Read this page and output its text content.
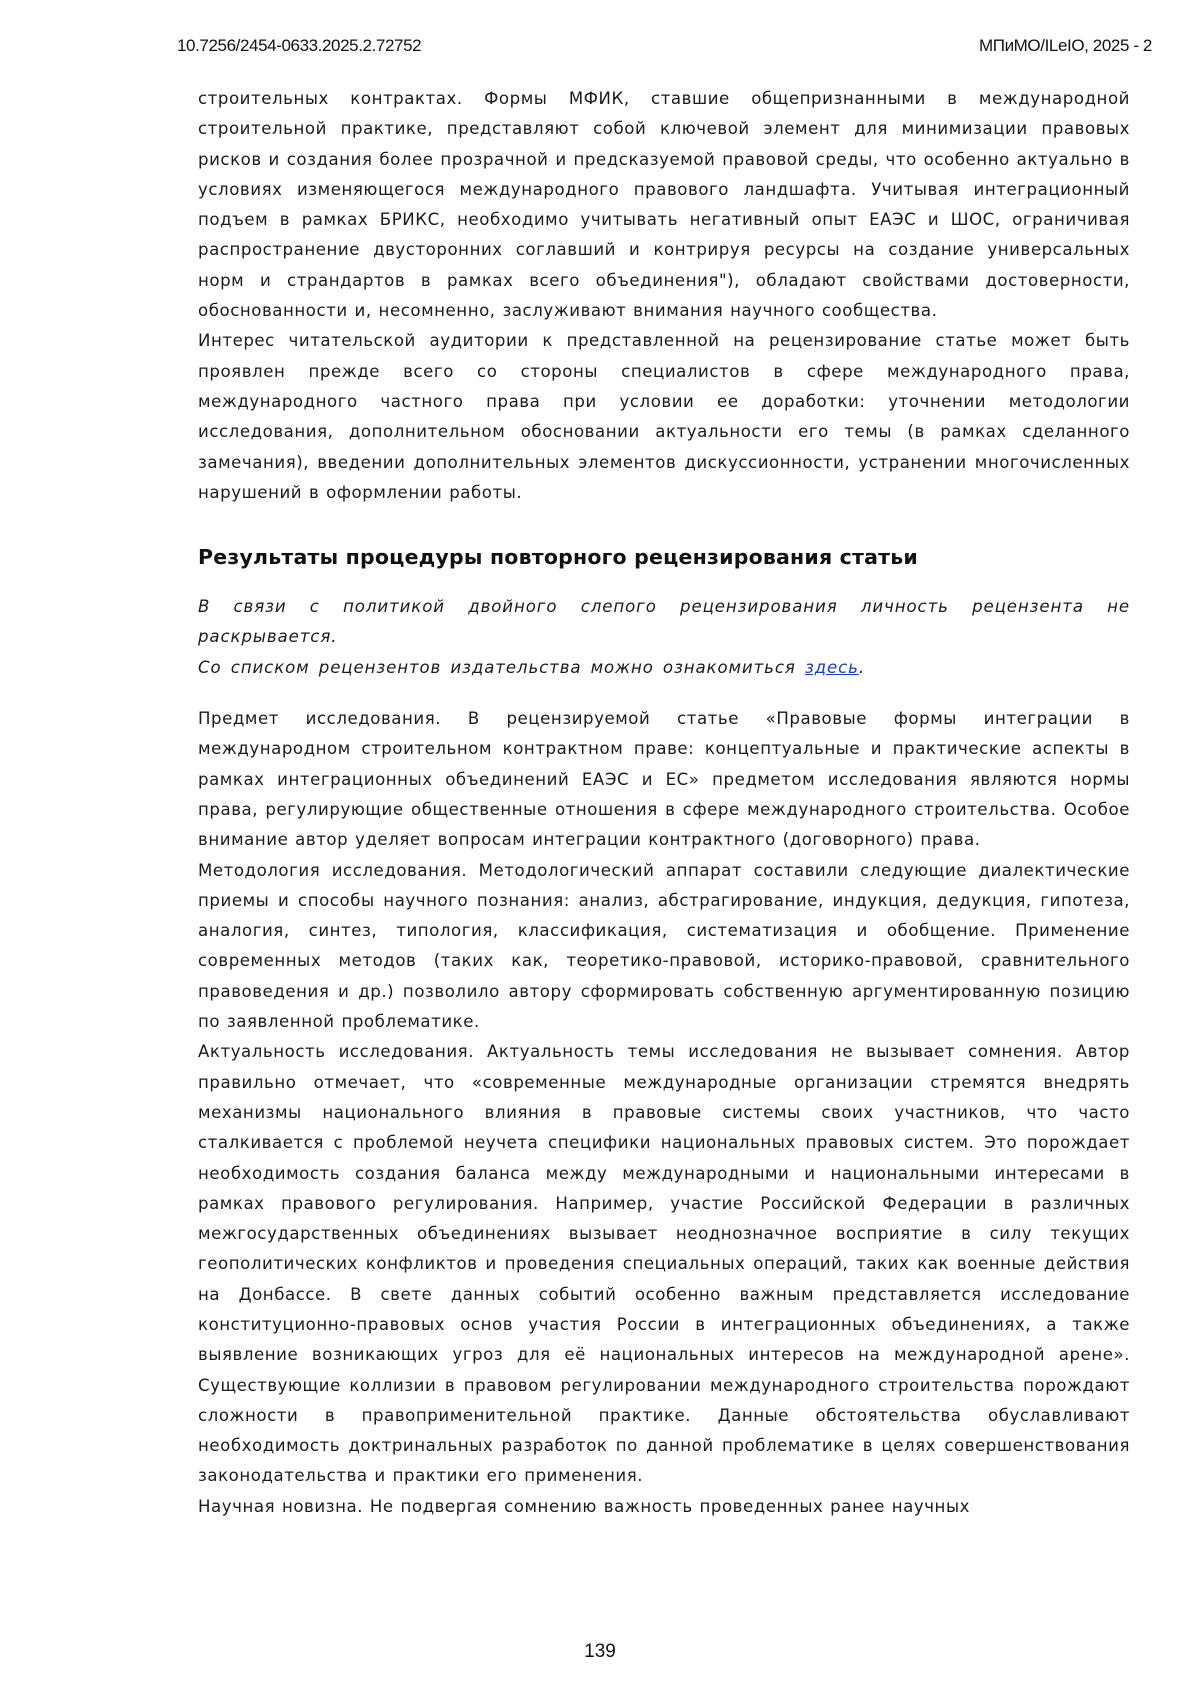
10.7256/2454-0633.2025.2.72752	МПиМО/ILeIO, 2025 - 2

строительных контрактах. Формы МФИК, ставшие общепризнанными в международной строительной практике, представляют собой ключевой элемент для минимизации правовых рисков и создания более прозрачной и предсказуемой правовой среды, что особенно актуально в условиях изменяющегося международного правового ландшафта. Учитывая интеграционный подъем в рамках БРИКС, необходимо учитывать негативный опыт ЕАЭС и ШОС, ограничивая распространение двусторонних соглавший и контрируя ресурсы на создание универсальных норм и страндартов в рамках всего объединения"), обладают свойствами достоверности, обоснованности и, несомненно, заслуживают внимания научного сообщества.

Интерес читательской аудитории к представленной на рецензирование статье может быть проявлен прежде всего со стороны специалистов в сфере международного права, международного частного права при условии ее доработки: уточнении методологии исследования, дополнительном обосновании актуальности его темы (в рамках сделанного замечания), введении дополнительных элементов дискуссионности, устранении многочисленных нарушений в оформлении работы.

Результаты процедуры повторного рецензирования статьи

В связи с политикой двойного слепого рецензирования личность рецензента не раскрывается.

Со списком рецензентов издательства можно ознакомиться здесь.

Предмет исследования. В рецензируемой статье «Правовые формы интеграции в международном строительном контрактном праве: концептуальные и практические аспекты в рамках интеграционных объединений ЕАЭС и ЕС» предметом исследования являются нормы права, регулирующие общественные отношения в сфере международного строительства. Особое внимание автор уделяет вопросам интеграции контрактного (договорного) права.

Методология исследования. Методологический аппарат составили следующие диалектические приемы и способы научного познания: анализ, абстрагирование, индукция, дедукция, гипотеза, аналогия, синтез, типология, классификация, систематизация и обобщение. Применение современных методов (таких как, теоретико-правовой, историко-правовой, сравнительного правоведения и др.) позволило автору сформировать собственную аргументированную позицию по заявленной проблематике.

Актуальность исследования. Актуальность темы исследования не вызывает сомнения. Автор правильно отмечает, что «современные международные организации стремятся внедрять механизмы национального влияния в правовые системы своих участников, что часто сталкивается с проблемой неучета специфики национальных правовых систем. Это порождает необходимость создания баланса между международными и национальными интересами в рамках правового регулирования. Например, участие Российской Федерации в различных межгосударственных объединениях вызывает неоднозначное восприятие в силу текущих геополитических конфликтов и проведения специальных операций, таких как военные действия на Донбассе. В свете данных событий особенно важным представляется исследование конституционно-правовых основ участия России в интеграционных объединениях, а также выявление возникающих угроз для её национальных интересов на международной арене». Существующие коллизии в правовом регулировании международного строительства порождают сложности в правоприменительной практике. Данные обстоятельства обуславливают необходимость доктринальных разработок по данной проблематике в целях совершенствования законодательства и практики его применения.

Научная новизна. Не подвергая сомнению важность проведенных ранее научных

139
